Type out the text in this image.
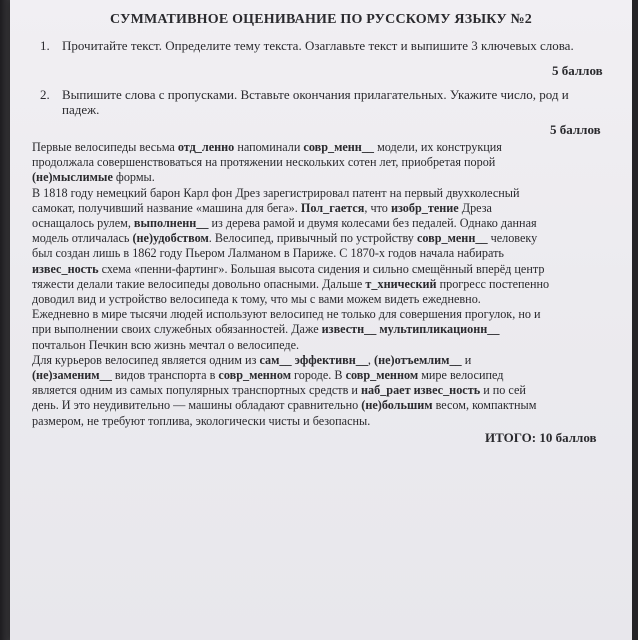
СУММАТИВНОЕ ОЦЕНИВАНИЕ ПО РУССКОМУ ЯЗЫКУ №2
1. Прочитайте текст. Определите тему текста. Озаглавьте текст и выпишите 3 ключевых слова.
5 баллов
2. Выпишите слова с пропусками. Вставьте окончания прилагательных. Укажите число, род и
падеж.
5 баллов

Первые велосипеды весьма отд_ленно напоминали совр_менн__ модели, их конструкция

продолжала совершенствоваться на протяжении нескольких сотен лет, приобретая порой

(не)мыслимые формы.

В 1818 году немецкий барон Карл фон Дрез зарегистрировал патент на первый двухколесный

самокат, получивший название «машина для бега». Пол_гается, что изобр_тение Дреза

оснащалось рулем, выполненн__ из дерева рамой и двумя колесами без педалей. Однако данная

модель отличалась (не)удобством. Велосипед, привычный по устройству совр_менн__ человеку

был создан лишь в 1862 году Пьером Лалманом в Париже. С 1870-х годов начала набирать

извес_ность схема «пенни-фартинг». Большая высота сидения и сильно смещённый вперёд центр

тяжести делали такие велосипеды довольно опасными. Дальше т_хнический прогресс постепенно

доводил вид и устройство велосипеда к тому, что мы с вами можем видеть ежедневно.

Ежедневно в мире тысячи людей используют велосипед не только для совершения прогулок, но и

при выполнении своих служебных обязанностей. Даже известн__ мультипликационн__

почтальон Печкин всю жизнь мечтал о велосипеде.

Для курьеров велосипед является одним из сам__ эффективн__, (не)отъемлим__ и

(не)заменим__ видов транспорта в совр_менном городе. В совр_менном мире велосипед

является одним из самых популярных транспортных средств и наб_рает извес_ность и по сей

день. И это неудивительно — машины обладают сравнительно (не)большим весом, компактным

размером, не требуют топлива, экологически чисты и безопасны.

ИТОГО: 10 баллов
